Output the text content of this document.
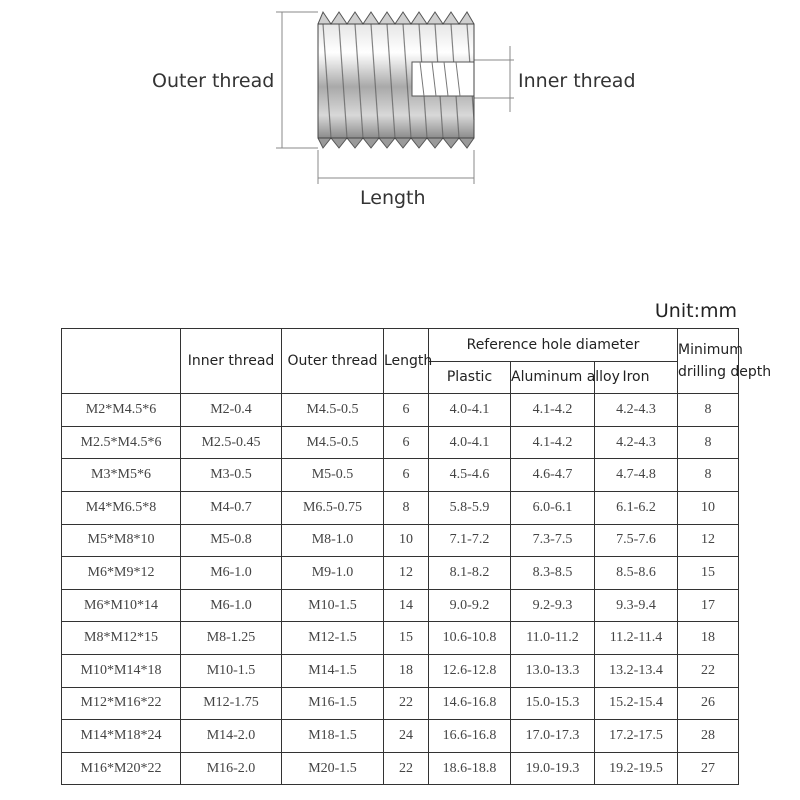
Outer thread	Inner thread
Length
Unit:mm
	Inner thread	Outer thread	Length	Reference hole diameter			Minimum
drilling depth
				Plastic	Aluminum alloy	Iron	
M2*M4.5*6	M2-0.4	M4.5-0.5	6	4.0-4.1	4.1-4.2	4.2-4.3	8
M2.5*M4.5*6	M2.5-0.45	M4.5-0.5	6	4.0-4.1	4.1-4.2	4.2-4.3	8
M3*M5*6	M3-0.5	M5-0.5	6	4.5-4.6	4.6-4.7	4.7-4.8	8
M4*M6.5*8	M4-0.7	M6.5-0.75	8	5.8-5.9	6.0-6.1	6.1-6.2	10
M5*M8*10	M5-0.8	M8-1.0	10	7.1-7.2	7.3-7.5	7.5-7.6	12
M6*M9*12	M6-1.0	M9-1.0	12	8.1-8.2	8.3-8.5	8.5-8.6	15
M6*M10*14	M6-1.0	M10-1.5	14	9.0-9.2	9.2-9.3	9.3-9.4	17
M8*M12*15	M8-1.25	M12-1.5	15	10.6-10.8	11.0-11.2	11.2-11.4	18
M10*M14*18	M10-1.5	M14-1.5	18	12.6-12.8	13.0-13.3	13.2-13.4	22
M12*M16*22	M12-1.75	M16-1.5	22	14.6-16.8	15.0-15.3	15.2-15.4	26
M14*M18*24	M14-2.0	M18-1.5	24	16.6-16.8	17.0-17.3	17.2-17.5	28
M16*M20*22	M16-2.0	M20-1.5	22	18.6-18.8	19.0-19.3	19.2-19.5	27
